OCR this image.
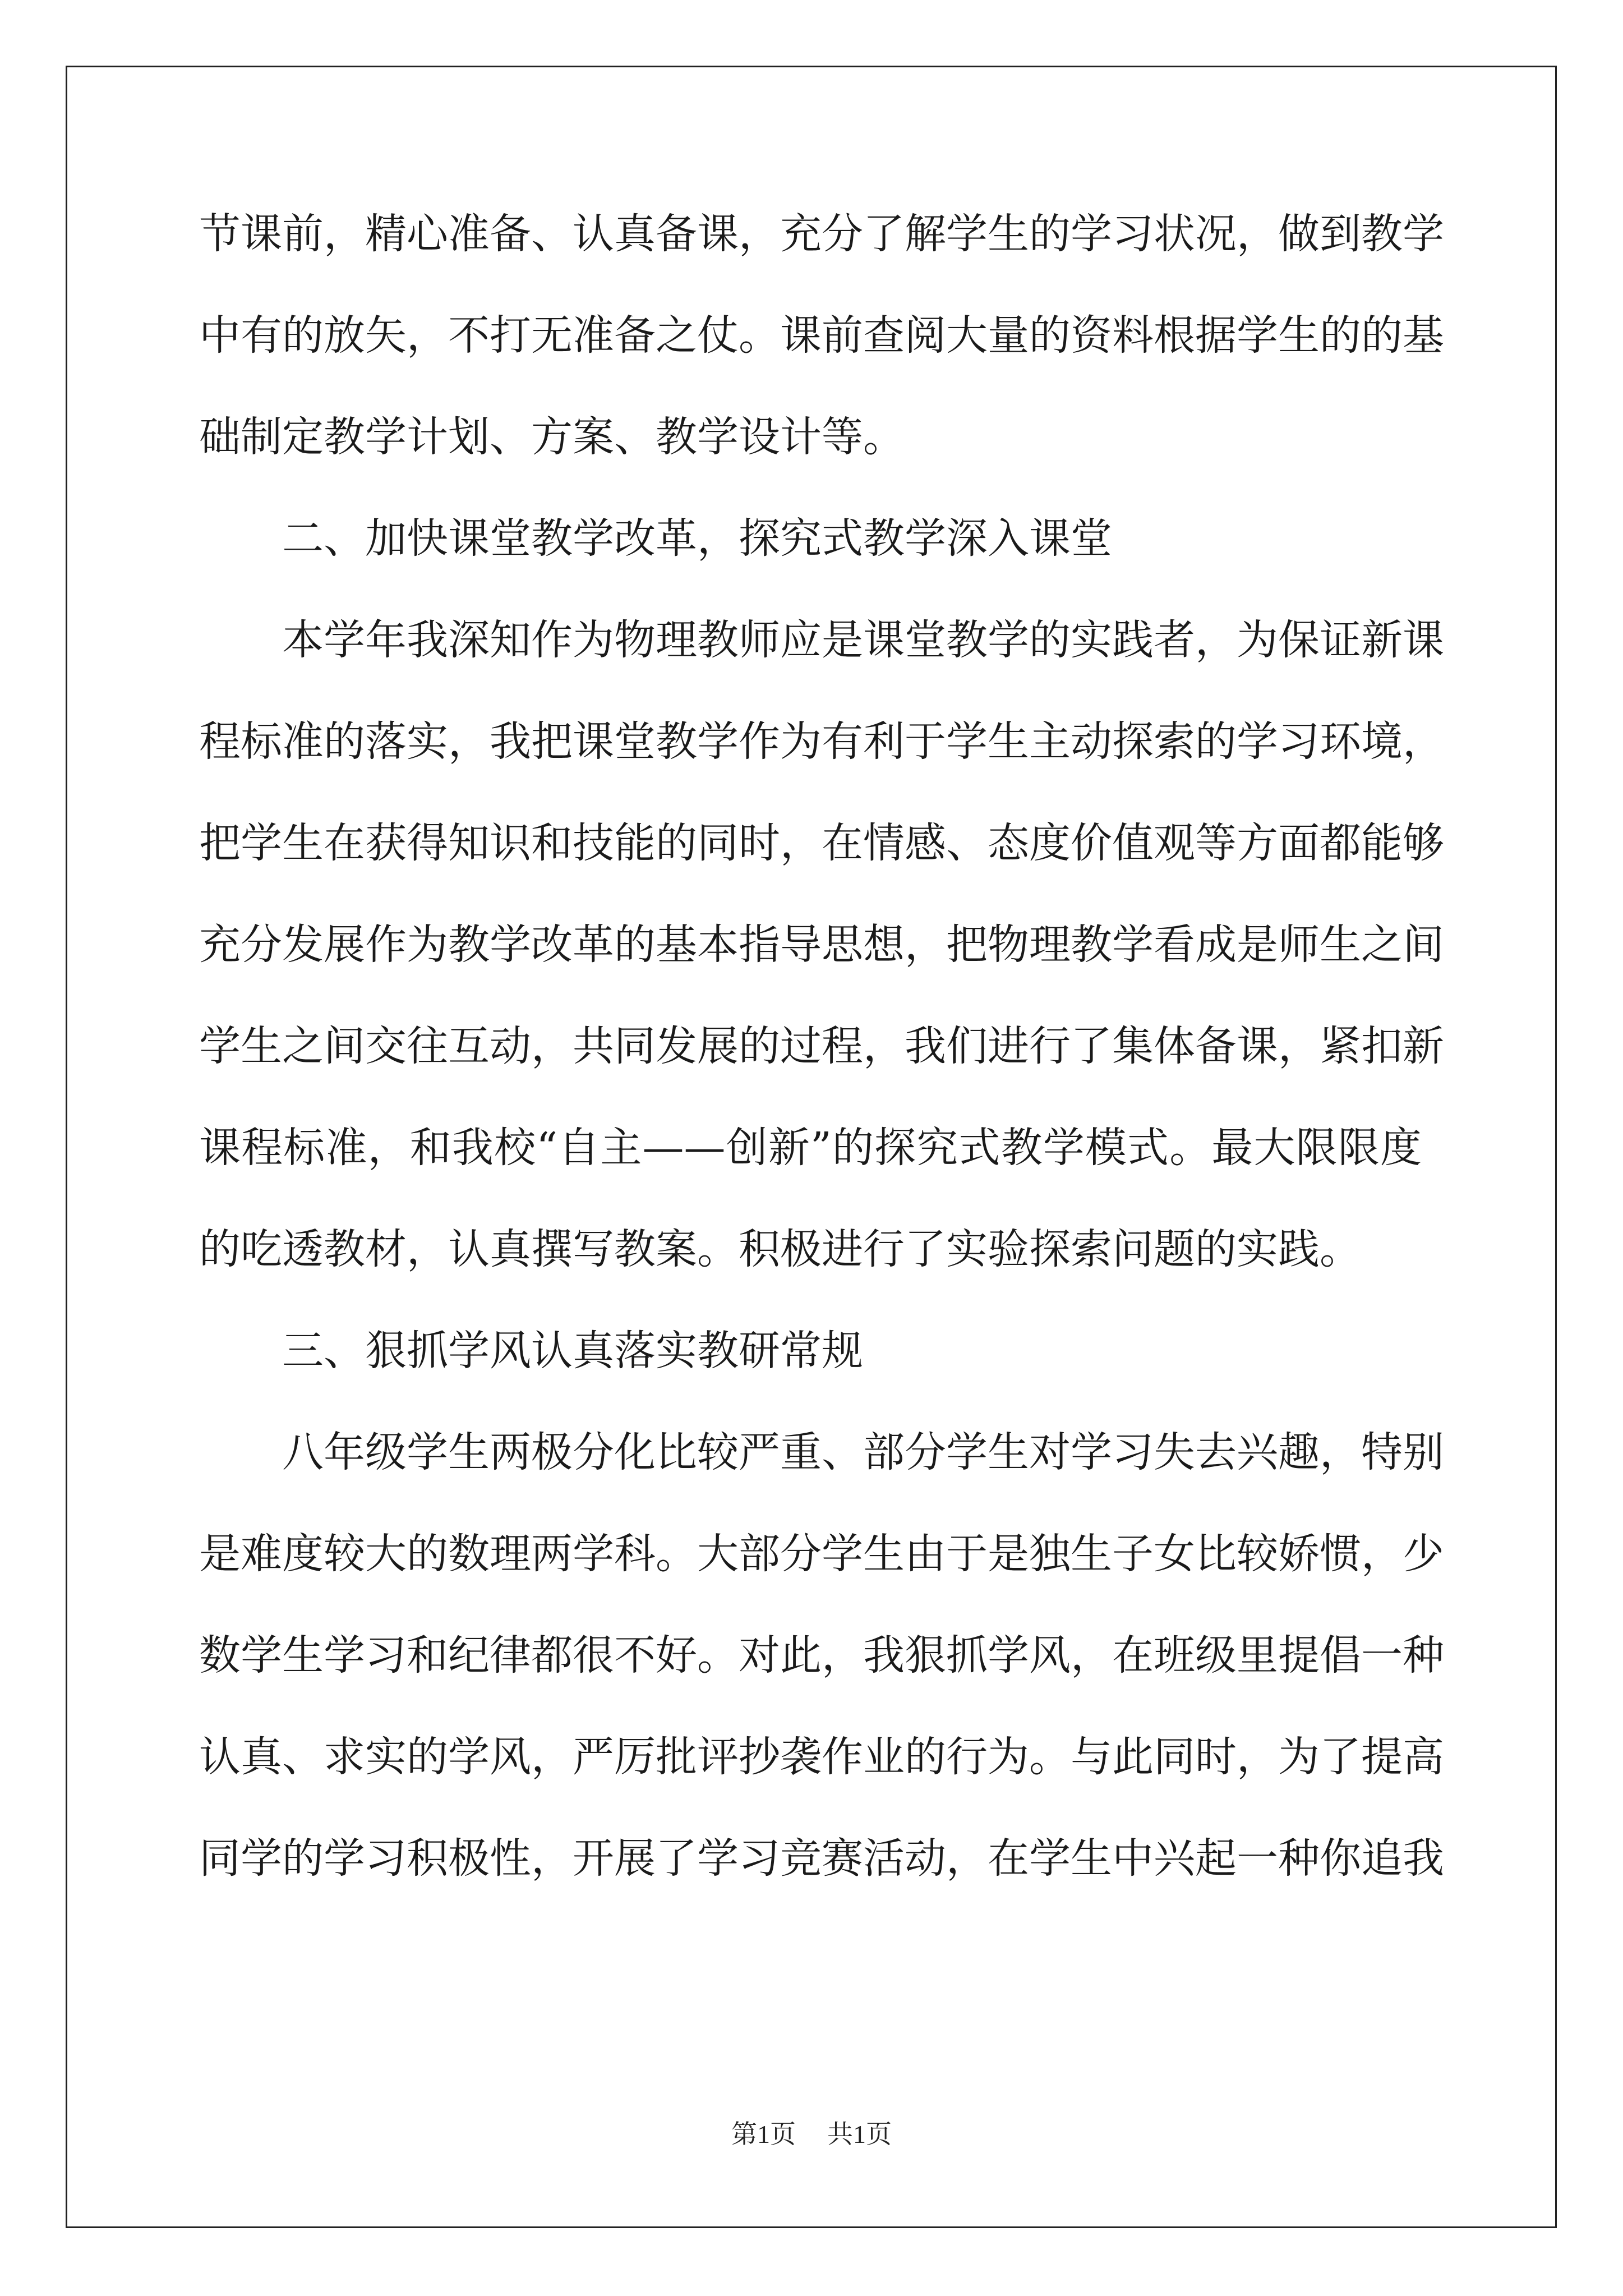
节课前，精心准备、认真备课，充分了解学生的学习状况，做到教学
中有的放矢，不打无准备之仗。课前查阅大量的资料根据学生的的基
础制定教学计划、方案、教学设计等。
二、加快课堂教学改革，探究式教学深入课堂
本学年我深知作为物理教师应是课堂教学的实践者，为保证新课
程标准的落实，我把课堂教学作为有利于学生主动探索的学习环境，
把学生在获得知识和技能的同时，在情感、态度价值观等方面都能够
充分发展作为教学改革的基本指导思想，把物理教学看成是师生之间
学生之间交往互动，共同发展的过程，我们进行了集体备课，紧扣新
课程标准，和我校“自主——创新”的探究式教学模式。最大限限度
的吃透教材，认真撰写教案。积极进行了实验探索问题的实践。
三、狠抓学风认真落实教研常规
八年级学生两极分化比较严重、部分学生对学习失去兴趣，特别
是难度较大的数理两学科。大部分学生由于是独生子女比较娇惯，少
数学生学习和纪律都很不好。对此，我狠抓学风，在班级里提倡一种
认真、求实的学风，严厉批评抄袭作业的行为。与此同时，为了提高
同学的学习积极性，开展了学习竞赛活动，在学生中兴起一种你追我
第1页 共1页
